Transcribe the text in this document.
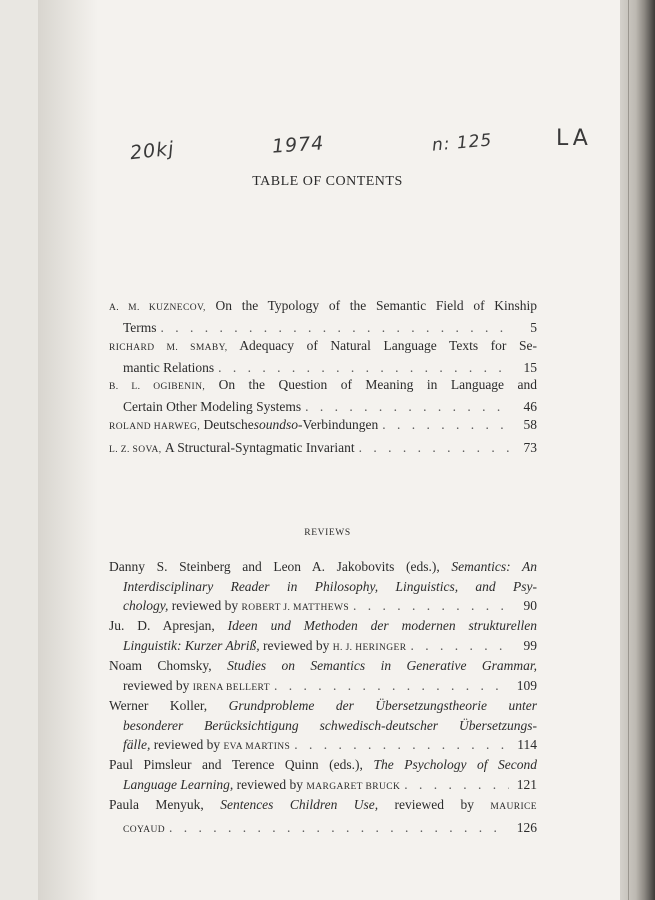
20kj	1974	n: 125	LA
TABLE OF CONTENTS
A. M. KUZNECOV, On the Typology of the Semantic Field of Kinship
Terms . . .	5
RICHARD M. SMABY, Adequacy of Natural Language Texts for Se-
mantic Relations . . .	15
B. L. OGIBENIN, On the Question of Meaning in Language and
Certain Other Modeling Systems . . .	46
ROLAND HARWEG,
Deutsche soundso -Verbindungen . . .	58
L. Z. SOVA,
A Structural-Syntagmatic Invariant . . .	73
REVIEWS
Danny S. Steinberg and Leon A. Jakobovits (eds.), Semantics: An
Interdisciplinary Reader in Philosophy, Linguistics, and Psy-
chology, reviewed by ROBERT J. MATTHEWS . . .	90
Ju. D. Apresjan, Ideen und Methoden der modernen strukturellen
Linguistik: Kurzer Abriß, reviewed by H. J. HERINGER . . .	99
Noam Chomsky, Studies on Semantics in Generative Grammar,
reviewed by IRENA BELLERT . . .	109
Werner Koller, Grundprobleme der Übersetzungstheorie unter
besonderer Berücksichtigung schwedisch-deutscher Übersetzungs-
fälle, reviewed by EVA MARTINS . . .	114
Paul Pimsleur and Terence Quinn (eds.), The Psychology of Second
Language Learning, reviewed by MARGARET BRUCK . . .	121
Paula Menyuk, Sentences Children Use, reviewed by MAURICE
COYAUD . . .	126
